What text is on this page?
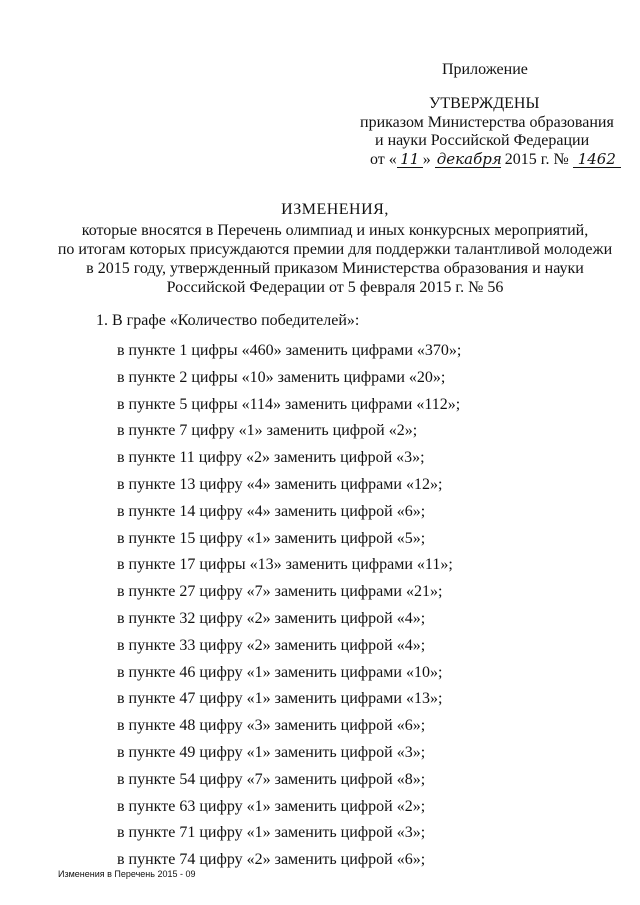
Приложение
УТВЕРЖДЕНЫ
приказом Министерства образования
и науки Российской Федерации
от « 11 » декабря 2015 г. № 1462
ИЗМЕНЕНИЯ,
которые вносятся в Перечень олимпиад и иных конкурсных мероприятий,
по итогам которых присуждаются премии для поддержки талантливой молодежи
в 2015 году, утвержденный приказом Министерства образования и науки
Российской Федерации от 5 февраля 2015 г. № 56
1. В графе «Количество победителей»:
в пункте 1 цифры «460» заменить цифрами «370»;
в пункте 2 цифры «10» заменить цифрами «20»;
в пункте 5 цифры «114» заменить цифрами «112»;
в пункте 7 цифру «1» заменить цифрой «2»;
в пункте 11 цифру «2» заменить цифрой «3»;
в пункте 13 цифру «4» заменить цифрами «12»;
в пункте 14 цифру «4» заменить цифрой «6»;
в пункте 15 цифру «1» заменить цифрой «5»;
в пункте 17 цифры «13» заменить цифрами «11»;
в пункте 27 цифру «7» заменить цифрами «21»;
в пункте 32 цифру «2» заменить цифрой «4»;
в пункте 33 цифру «2» заменить цифрой «4»;
в пункте 46 цифру «1» заменить цифрами «10»;
в пункте 47 цифру «1» заменить цифрами «13»;
в пункте 48 цифру «3» заменить цифрой «6»;
в пункте 49 цифру «1» заменить цифрой «3»;
в пункте 54 цифру «7» заменить цифрой «8»;
в пункте 63 цифру «1» заменить цифрой «2»;
в пункте 71 цифру «1» заменить цифрой «3»;
в пункте 74 цифру «2» заменить цифрой «6»;
Изменения в Перечень 2015 - 09
